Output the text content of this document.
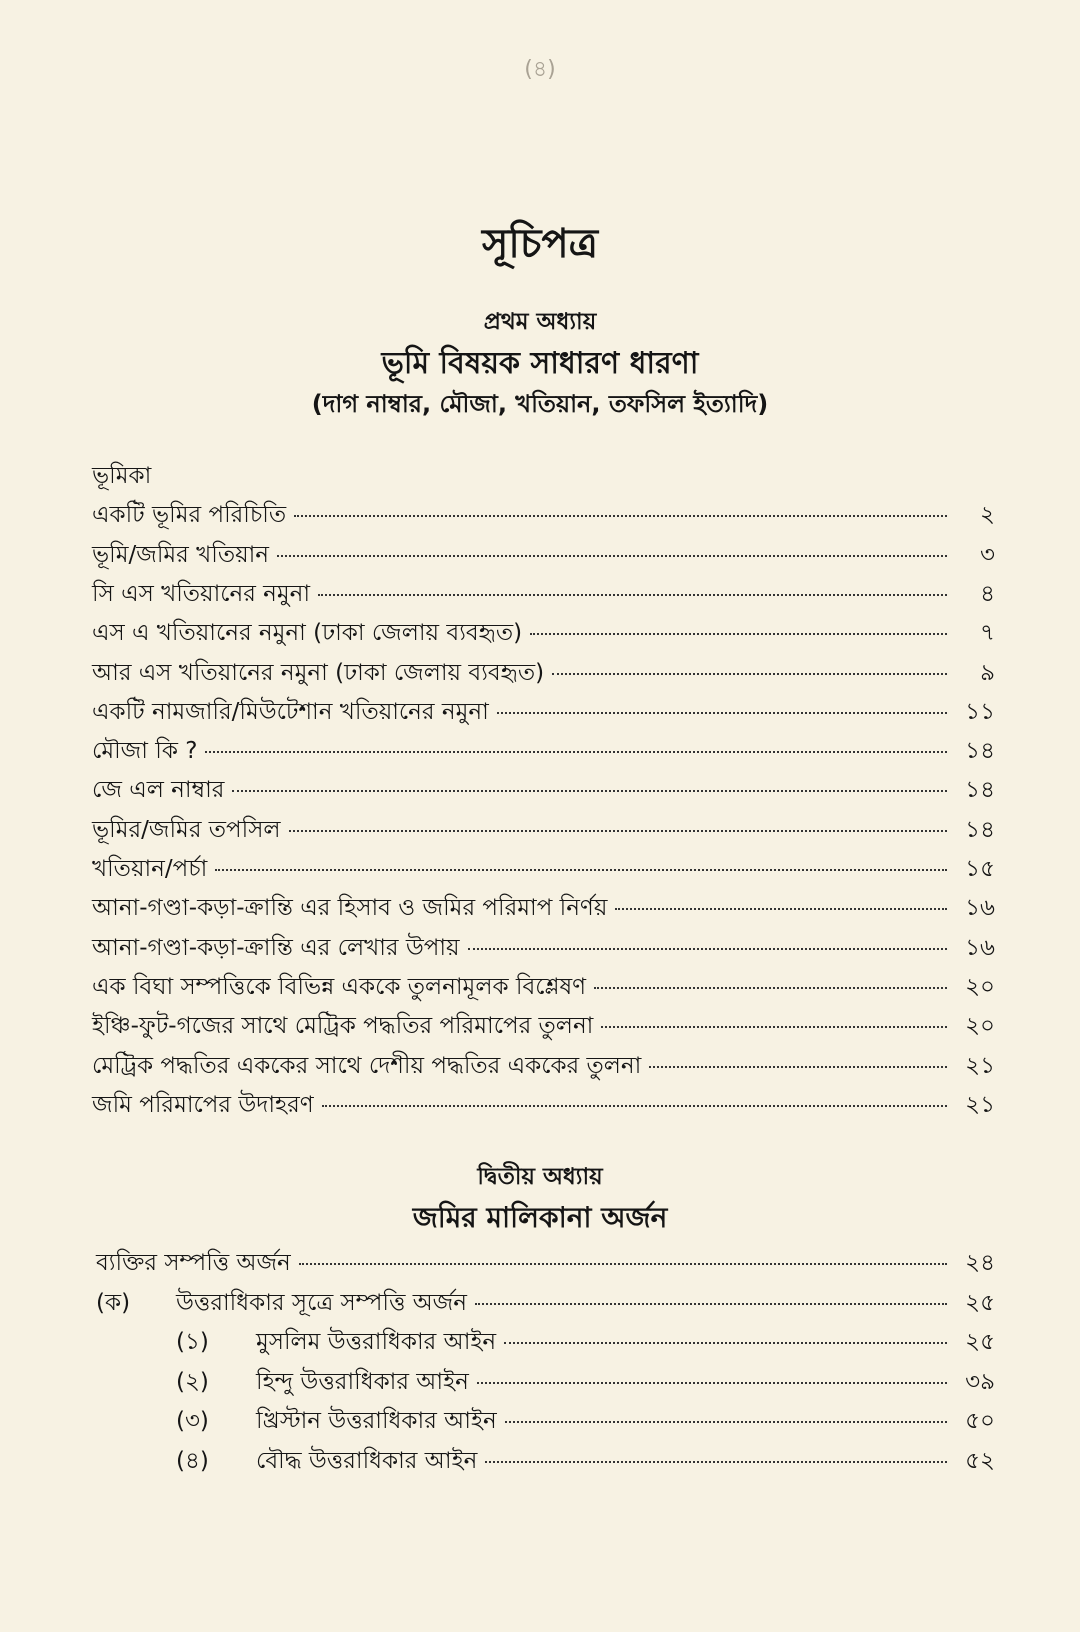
(৪)
সূচিপত্র
প্রথম অধ্যায়
ভূমি বিষয়ক সাধারণ ধারণা
(দাগ নাম্বার, মৌজা, খতিয়ান, তফসিল ইত্যাদি)
ভূমিকা
একটি ভূমির পরিচিতি	২
ভূমি/জমির খতিয়ান	৩
সি এস খতিয়ানের নমুনা	৪
এস এ খতিয়ানের নমুনা (ঢাকা জেলায় ব্যবহৃত)	৭
আর এস খতিয়ানের নমুনা (ঢাকা জেলায় ব্যবহৃত)	৯
একটি নামজারি/মিউটেশান খতিয়ানের নমুনা	১১
মৌজা কি ?	১৪
জে এল নাম্বার	১৪
ভূমির/জমির তপসিল	১৪
খতিয়ান/পর্চা	১৫
আনা-গণ্ডা-কড়া-ক্রান্তি এর হিসাব ও জমির পরিমাপ নির্ণয়	১৬
আনা-গণ্ডা-কড়া-ক্রান্তি এর লেখার উপায়	১৬
এক বিঘা সম্পত্তিকে বিভিন্ন এককে তুলনামূলক বিশ্লেষণ	২০
ইঞ্চি-ফুট-গজের সাথে মেট্রিক পদ্ধতির পরিমাপের তুলনা	২০
মেট্রিক পদ্ধতির এককের সাথে দেশীয় পদ্ধতির এককের তুলনা	২১
জমি পরিমাপের উদাহরণ	২১
দ্বিতীয় অধ্যায়
জমির মালিকানা অর্জন
ব্যক্তির সম্পত্তি অর্জন	২৪
(ক)	উত্তরাধিকার সূত্রে সম্পত্তি অর্জন	২৫
(১)	মুসলিম উত্তরাধিকার আইন	২৫
(২)	হিন্দু উত্তরাধিকার আইন	৩৯
(৩)	খ্রিস্টান উত্তরাধিকার আইন	৫০
(৪)	বৌদ্ধ উত্তরাধিকার আইন	৫২
